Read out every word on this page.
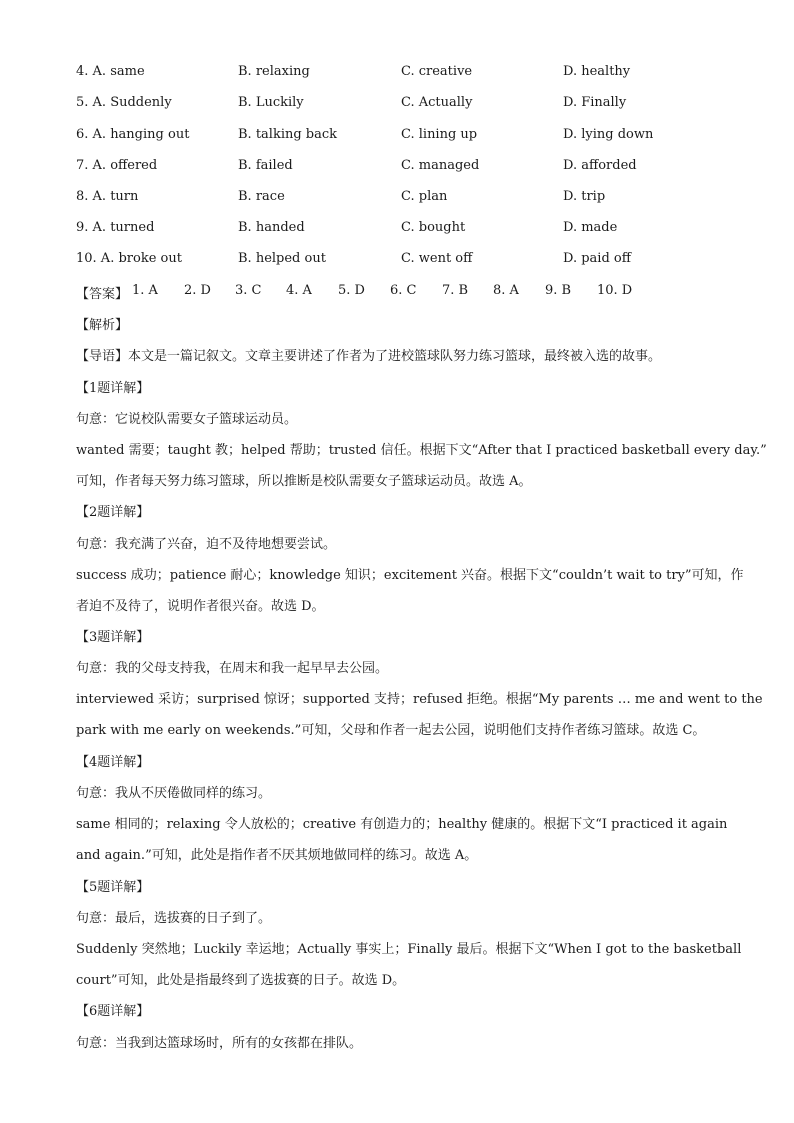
4. A. same	B. relaxing	C. creative	D. healthy
5. A. Suddenly	B. Luckily	C. Actually	D. Finally
6. A. hanging out	B. talking back	C. lining up	D. lying down
7. A. offered	B. failed	C. managed	D. afforded
8. A. turn	B. race	C. plan	D. trip
9. A. turned	B. handed	C. bought	D. made
10. A. broke out	B. helped out	C. went off	D. paid off
【答案】 1. A 2. D 3. C 4. A 5. D 6. C 7. B 8. A 9. B 10. D
【解析】
【导语】本文是一篇记叙文。文章主要讲述了作者为了进校篮球队努力练习篮球，最终被入选的故事。
【1题详解】
句意：它说校队需要女子篮球运动员。
wanted 需要；taught 教；helped 帮助；trusted 信任。根据下文“After that I practiced basketball every day.”
可知，作者每天努力练习篮球，所以推断是校队需要女子篮球运动员。故选 A。
【2题详解】
句意：我充满了兴奋，迫不及待地想要尝试。
success 成功；patience 耐心；knowledge 知识；excitement 兴奋。根据下文“couldn’t wait to try”可知，作
者迫不及待了，说明作者很兴奋。故选 D。
【3题详解】
句意：我的父母支持我，在周末和我一起早早去公园。
interviewed 采访；surprised 惊讶；supported 支持；refused 拒绝。根据“My parents … me and went to the
park with me early on weekends.”可知，父母和作者一起去公园，说明他们支持作者练习篮球。故选 C。
【4题详解】
句意：我从不厌倦做同样的练习。
same 相同的；relaxing 令人放松的；creative 有创造力的；healthy 健康的。根据下文“I practiced it again
and again.”可知，此处是指作者不厌其烦地做同样的练习。故选 A。
【5题详解】
句意：最后，选拔赛的日子到了。
Suddenly 突然地；Luckily 幸运地；Actually 事实上；Finally 最后。根据下文“When I got to the basketball
court”可知，此处是指最终到了选拔赛的日子。故选 D。
【6题详解】
句意：当我到达篮球场时，所有的女孩都在排队。
